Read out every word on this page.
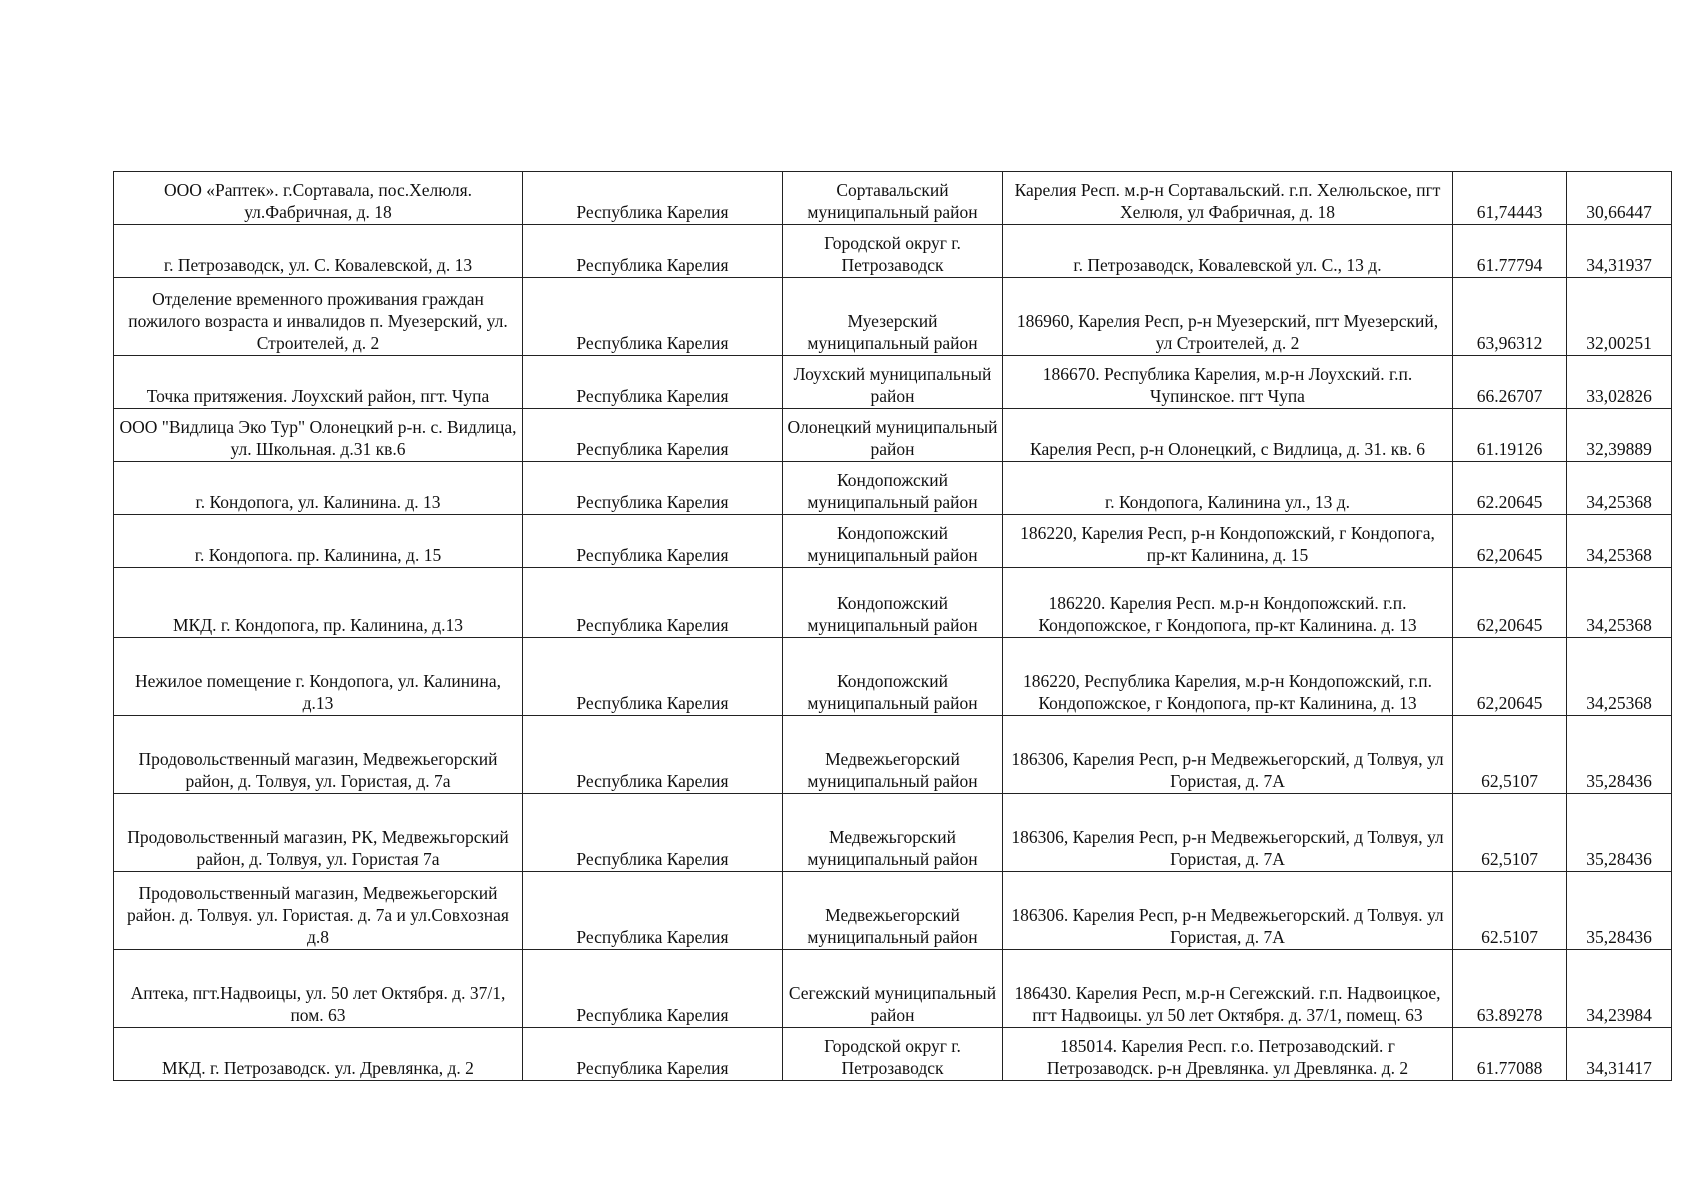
ООО «Раптек». г.Сортавала, пос.Хелюля. ул.Фабричная, д. 18	Республика Карелия	Сортавальский муниципальный район	Карелия Респ. м.р-н Сортавальский. г.п. Хелюльское, пгт Хелюля, ул Фабричная, д. 18	61,74443	30,66447
г. Петрозаводск, ул. С. Ковалевской, д. 13	Республика Карелия	Городской округ г. Петрозаводск	г. Петрозаводск, Ковалевской ул. С., 13 д.	61.77794	34,31937
Отделение временного проживания граждан пожилого возраста и инвалидов п. Муезерский, ул. Строителей, д. 2	Республика Карелия	Муезерский муниципальный район	186960, Карелия Респ, р-н Муезерский, пгт Муезерский, ул Строителей, д. 2	63,96312	32,00251
Точка притяжения. Лоухский район, пгт. Чупа	Республика Карелия	Лоухский муниципальный район	186670. Республика Карелия, м.р-н Лоухский. г.п. Чупинское. пгт Чупа	66.26707	33,02826
ООО "Видлица Эко Тур" Олонецкий р-н. с. Видлица, ул. Школьная. д.31 кв.6	Республика Карелия	Олонецкий муниципальный район	Карелия Респ, р-н Олонецкий, с Видлица, д. 31. кв. 6	61.19126	32,39889
г. Кондопога, ул. Калинина. д. 13	Республика Карелия	Кондопожский муниципальный район	г. Кондопога, Калинина ул., 13 д.	62.20645	34,25368
г. Кондопога. пр. Калинина, д. 15	Республика Карелия	Кондопожский муниципальный район	186220, Карелия Респ, р-н Кондопожский, г Кондопога, пр-кт Калинина, д. 15	62,20645	34,25368
МКД. г. Кондопога, пр. Калинина, д.13	Республика Карелия	Кондопожский муниципальный район	186220. Карелия Респ. м.р-н Кондопожский. г.п. Кондопожское, г Кондопога, пр-кт Калинина. д. 13	62,20645	34,25368
Нежилое помещение г. Кондопога, ул. Калинина, д.13	Республика Карелия	Кондопожский муниципальный район	186220, Республика Карелия, м.р-н Кондопожский, г.п. Кондопожское, г Кондопога, пр-кт Калинина, д. 13	62,20645	34,25368
Продовольственный магазин, Медвежьегорский район, д. Толвуя, ул. Гористая, д. 7а	Республика Карелия	Медвежьегорский муниципальный район	186306, Карелия Респ, р-н Медвежьегорский, д Толвуя, ул Гористая, д. 7А	62,5107	35,28436
Продовольственный магазин, РК, Медвежьгорский район, д. Толвуя, ул. Гористая 7а	Республика Карелия	Медвежьгорский муниципальный район	186306, Карелия Респ, р-н Медвежьегорский, д Толвуя, ул Гористая, д. 7А	62,5107	35,28436
Продовольственный магазин, Медвежьегорский район. д. Толвуя. ул. Гористая. д. 7а и ул.Совхозная д.8	Республика Карелия	Медвежьегорский муниципальный район	186306. Карелия Респ, р-н Медвежьегорский. д Толвуя. ул Гористая, д. 7А	62.5107	35,28436
Аптека, пгт.Надвоицы, ул. 50 лет Октября. д. 37/1, пом. 63	Республика Карелия	Сегежский муниципальный район	186430. Карелия Респ, м.р-н Сегежский. г.п. Надвоицкое, пгт Надвоицы. ул 50 лет Октября. д. 37/1, помещ. 63	63.89278	34,23984
МКД. г. Петрозаводск. ул. Древлянка, д. 2	Республика Карелия	Городской округ г. Петрозаводск	185014. Карелия Респ. г.о. Петрозаводский. г Петрозаводск. р-н Древлянка. ул Древлянка. д. 2	61.77088	34,31417
